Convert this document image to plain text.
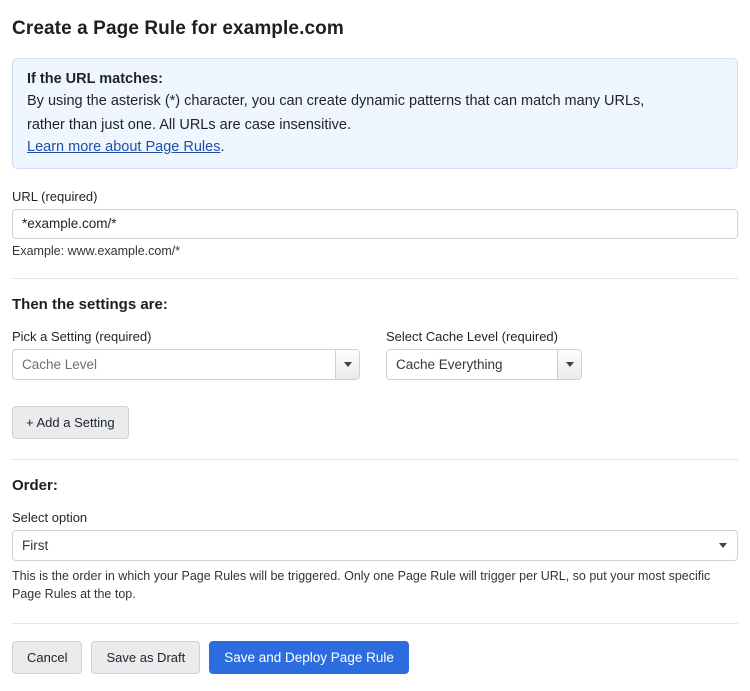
Create a Page Rule for example.com
If the URL matches:
By using the asterisk (*) character, you can create dynamic patterns that can match many URLs,
rather than just one. All URLs are case insensitive.
Learn more about Page Rules.
URL (required)
*example.com/*
Example: www.example.com/*
Then the settings are:
Pick a Setting (required)
Cache Level
Select Cache Level (required)
Cache Everything
+ Add a Setting
Order:
Select option
First
This is the order in which your Page Rules will be triggered. Only one Page Rule will trigger per URL, so put your most specific Page Rules at the top.
Cancel	Save as Draft	Save and Deploy Page Rule
